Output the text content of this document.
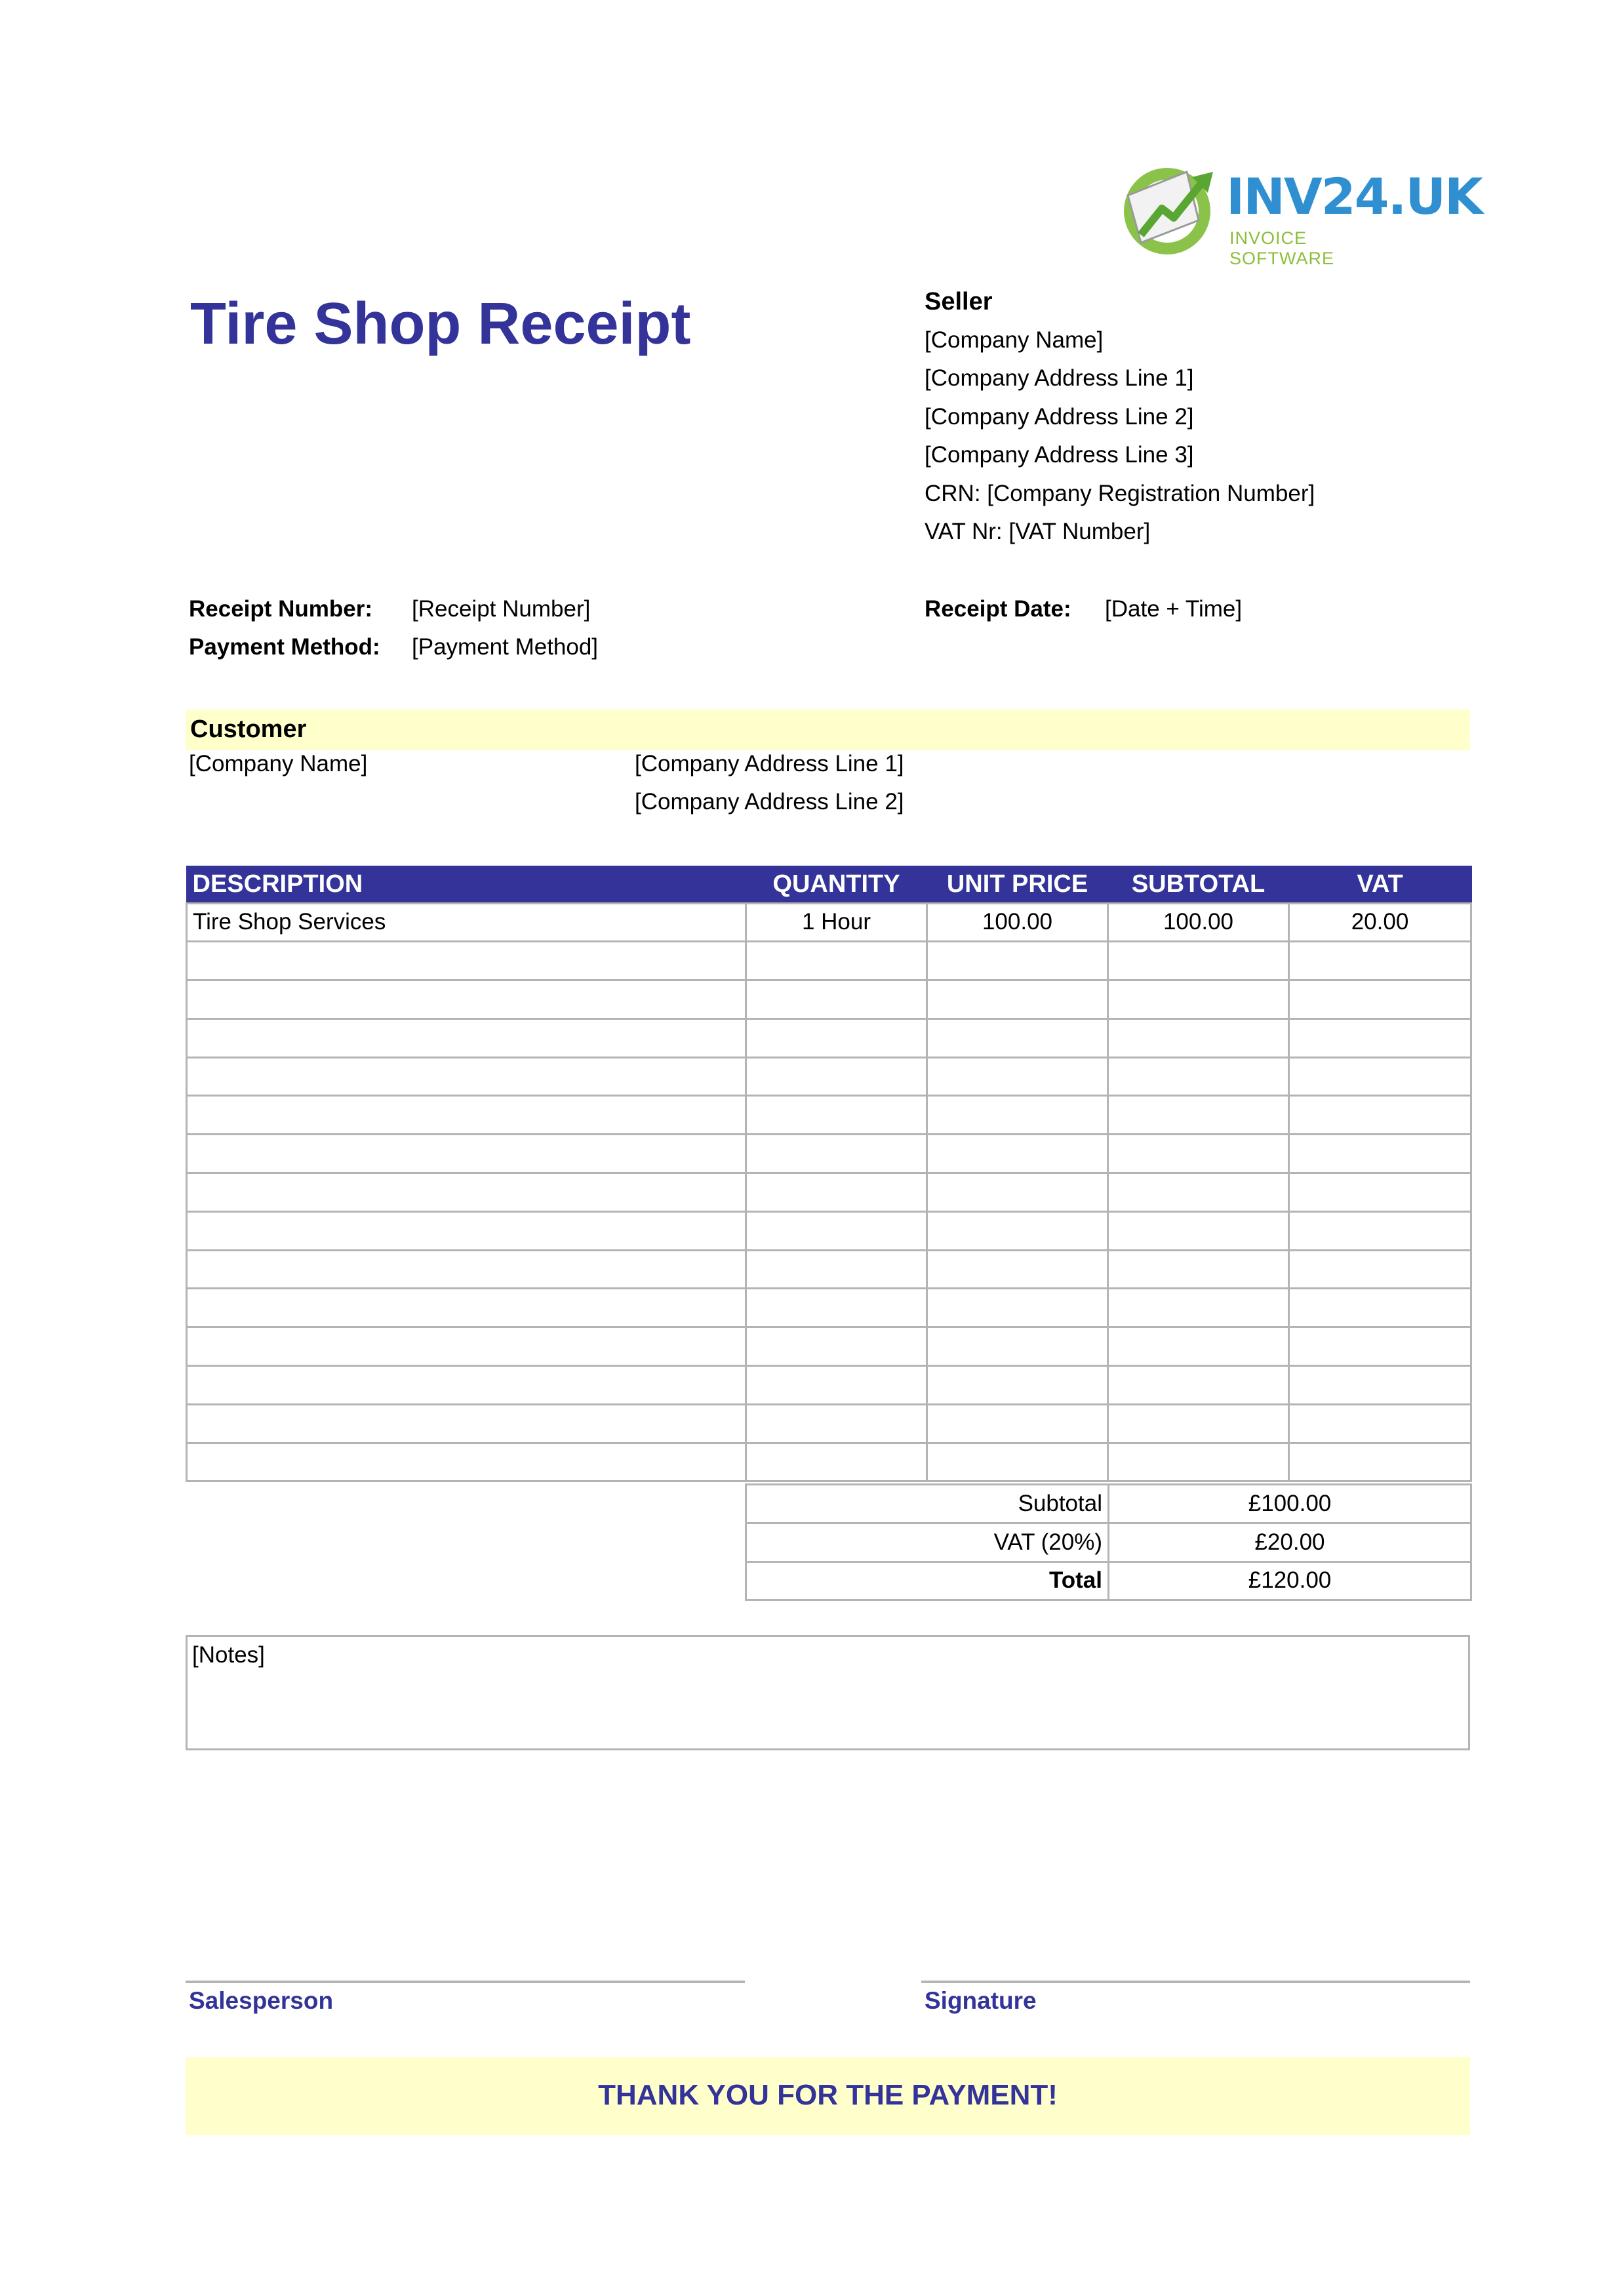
INV24.UK
INVOICE SOFTWARE
Tire Shop Receipt	Seller
[Company Name]
[Company Address Line 1]
[Company Address Line 2]
[Company Address Line 3]
CRN: [Company Registration Number]
VAT Nr: [VAT Number]
Receipt Number: [Receipt Number]
Payment Method: [Payment Method]
Receipt Date: [Date + Time]
Customer
[Company Name]	[Company Address Line 1]
[Company Address Line 2]
DESCRIPTION	QUANTITY	UNIT PRICE	SUBTOTAL	VAT
Tire Shop Services	1 Hour	100.00	100.00	20.00

Subtotal	£100.00
VAT (20%)	£20.00
Total	£120.00
[Notes]
Salesperson	Signature
THANK YOU FOR THE PAYMENT!
